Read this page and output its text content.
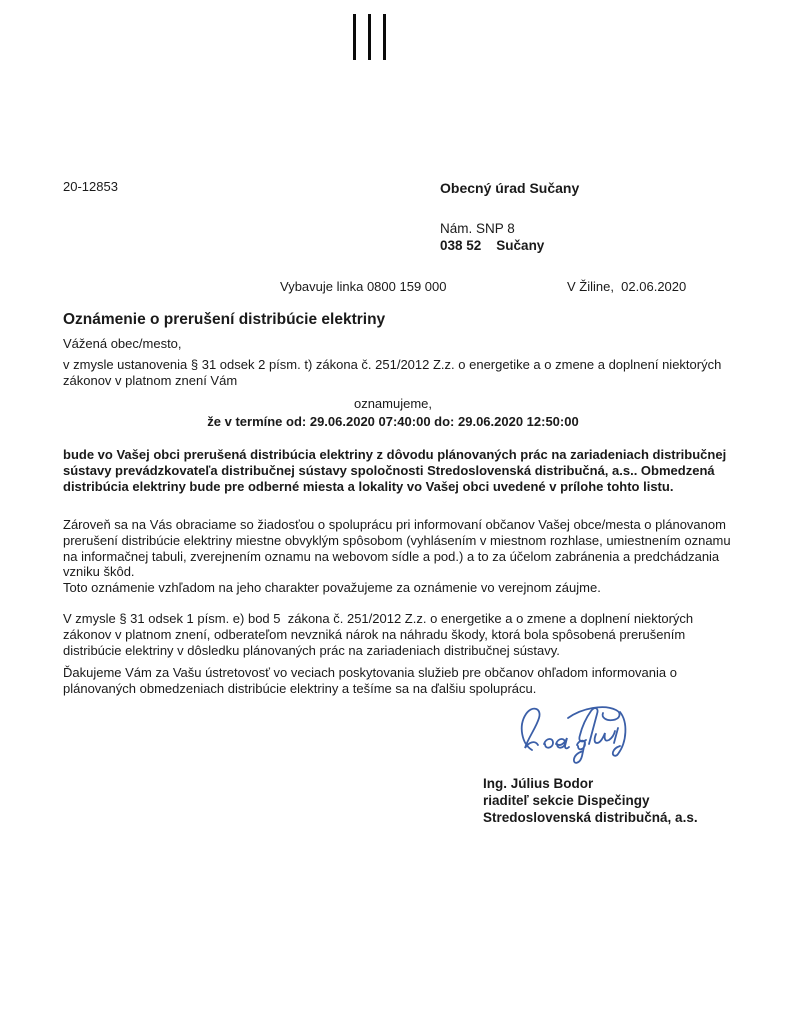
20-12853	Obecný úrad Sučany
Nám. SNP 8
038 52 Sučany
Vybavuje linka 0800 159 000	V Žiline,  02.06.2020
Oznámenie o prerušení distribúcie elektriny
Vážená obec/mesto,
v zmysle ustanovenia § 31 odsek 2 písm. t) zákona č. 251/2012 Z.z. o energetike a o zmene a doplnení niektorých zákonov v platnom znení Vám
oznamujeme,
že v termíne od: 29.06.2020 07:40:00 do: 29.06.2020 12:50:00
bude vo Vašej obci prerušená distribúcia elektriny z dôvodu plánovaných prác na zariadeniach distribučnej sústavy prevádzkovateľa distribučnej sústavy spoločnosti Stredoslovenská distribučná, a.s.. Obmedzená distribúcia elektriny bude pre odberné miesta a lokality vo Vašej obci uvedené v prílohe tohto listu.
Zároveň sa na Vás obraciame so žiadosťou o spoluprácu pri informovaní občanov Vašej obce/mesta o plánovanom prerušení distribúcie elektriny miestne obvyklým spôsobom (vyhlásením v miestnom rozhlase, umiestnením oznamu na informačnej tabuli, zverejnením oznamu na webovom sídle a pod.) a to za účelom zabránenia a predchádzania vzniku škôd.
Toto oznámenie vzhľadom na jeho charakter považujeme za oznámenie vo verejnom záujme.
V zmysle § 31 odsek 1 písm. e) bod 5  zákona č. 251/2012 Z.z. o energetike a o zmene a doplnení niektorých zákonov v platnom znení, odberateľom nevzniká nárok na náhradu škody, ktorá bola spôsobená prerušením distribúcie elektriny v dôsledku plánovaných prác na zariadeniach distribučnej sústavy.
Ďakujeme Vám za Vašu ústretovosť vo veciach poskytovania služieb pre občanov ohľadom informovania o plánovaných obmedzeniach distribúcie elektriny a tešíme sa na ďalšiu spoluprácu.
Ing. Július Bodor
riaditeľ sekcie Dispečingy
Stredoslovenská distribučná, a.s.
